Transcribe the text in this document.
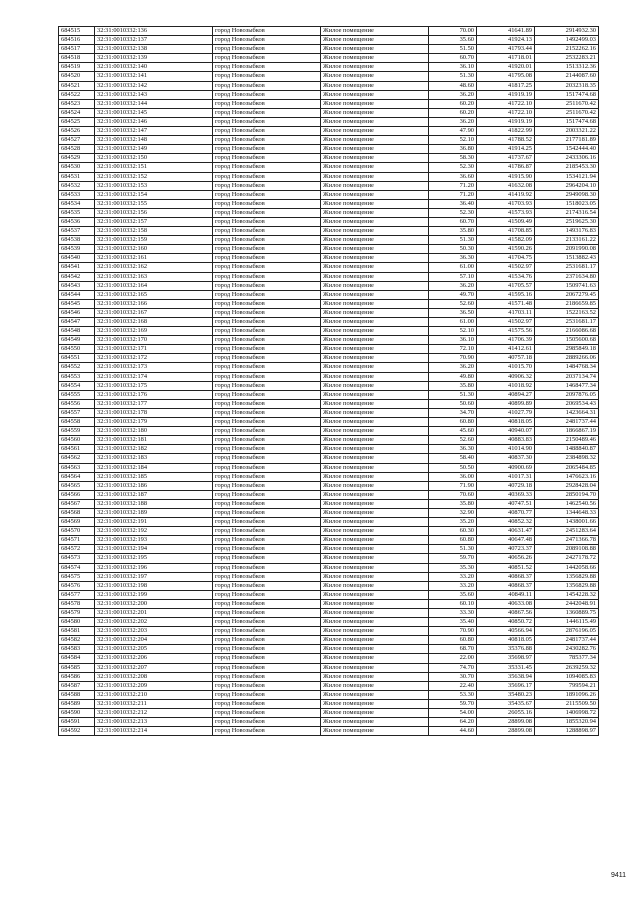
684515	32:31:0010332:136	город Новозыбков	Жилое помещение	70.00	41641.89	2914932.30
684516	32:31:0010332:137	город Новозыбков	Жилое помещение	35.60	41924.13	1492499.03
684517	32:31:0010332:138	город Новозыбков	Жилое помещение	51.50	41793.44	2152262.16
684518	32:31:0010332:139	город Новозыбков	Жилое помещение	60.70	41718.01	2532283.21
684519	32:31:0010332:140	город Новозыбков	Жилое помещение	36.10	41920.01	1513312.36
684520	32:31:0010332:141	город Новозыбков	Жилое помещение	51.30	41795.08	2144087.60
684521	32:31:0010332:142	город Новозыбков	Жилое помещение	48.60	41817.25	2032318.35
684522	32:31:0010332:143	город Новозыбков	Жилое помещение	36.20	41919.19	1517474.68
684523	32:31:0010332:144	город Новозыбков	Жилое помещение	60.20	41722.10	2511670.42
684524	32:31:0010332:145	город Новозыбков	Жилое помещение	60.20	41722.10	2511670.42
684525	32:31:0010332:146	город Новозыбков	Жилое помещение	36.20	41919.19	1517474.68
684526	32:31:0010332:147	город Новозыбков	Жилое помещение	47.90	41822.99	2003321.22
684527	32:31:0010332:148	город Новозыбков	Жилое помещение	52.10	41788.52	2177181.89
684528	32:31:0010332:149	город Новозыбков	Жилое помещение	36.80	41914.25	1542444.40
684529	32:31:0010332:150	город Новозыбков	Жилое помещение	58.30	41737.67	2433306.16
684530	32:31:0010332:151	город Новозыбков	Жилое помещение	52.30	41786.87	2185453.30
684531	32:31:0010332:152	город Новозыбков	Жилое помещение	36.60	41915.90	1534121.94
684532	32:31:0010332:153	город Новозыбков	Жилое помещение	71.20	41632.08	2964204.10
684533	32:31:0010332:154	город Новозыбков	Жилое помещение	71.20	41419.92	2949098.30
684534	32:31:0010332:155	город Новозыбков	Жилое помещение	36.40	41703.93	1518023.05
684535	32:31:0010332:156	город Новозыбков	Жилое помещение	52.30	41573.93	2174316.54
684536	32:31:0010332:157	город Новозыбков	Жилое помещение	60.70	41509.49	2519625.30
684537	32:31:0010332:158	город Новозыбков	Жилое помещение	35.80	41708.85	1493176.83
684538	32:31:0010332:159	город Новозыбков	Жилое помещение	51.30	41582.09	2133161.22
684539	32:31:0010332:160	город Новозыбков	Жилое помещение	50.30	41590.26	2091990.08
684540	32:31:0010332:161	город Новозыбков	Жилое помещение	36.30	41704.75	1513882.43
684541	32:31:0010332:162	город Новозыбков	Жилое помещение	61.00	41502.97	2531681.17
684542	32:31:0010332:163	город Новозыбков	Жилое помещение	57.10	41534.76	2371634.80
684543	32:31:0010332:164	город Новозыбков	Жилое помещение	36.20	41705.57	1509741.63
684544	32:31:0010332:165	город Новозыбков	Жилое помещение	49.70	41595.16	2067279.45
684545	32:31:0010332:166	город Новозыбков	Жилое помещение	52.60	41571.48	2186659.85
684546	32:31:0010332:167	город Новозыбков	Жилое помещение	36.50	41703.11	1522163.52
684547	32:31:0010332:168	город Новозыбков	Жилое помещение	61.00	41502.97	2531681.17
684548	32:31:0010332:169	город Новозыбков	Жилое помещение	52.10	41575.56	2166086.68
684549	32:31:0010332:170	город Новозыбков	Жилое помещение	36.10	41706.39	1505600.68
684550	32:31:0010332:171	город Новозыбков	Жилое помещение	72.10	41412.61	2985849.18
684551	32:31:0010332:172	город Новозыбков	Жилое помещение	70.90	40757.18	2889266.06
684552	32:31:0010332:173	город Новозыбков	Жилое помещение	36.20	41015.70	1484768.34
684553	32:31:0010332:174	город Новозыбков	Жилое помещение	49.80	40906.32	2037134.74
684554	32:31:0010332:175	город Новозыбков	Жилое помещение	35.80	41018.92	1468477.34
684555	32:31:0010332:176	город Новозыбков	Жилое помещение	51.30	40894.27	2097876.05
684556	32:31:0010332:177	город Новозыбков	Жилое помещение	50.60	40899.89	2069534.43
684557	32:31:0010332:178	город Новозыбков	Жилое помещение	34.70	41027.79	1423664.31
684558	32:31:0010332:179	город Новозыбков	Жилое помещение	60.80	40818.05	2481737.44
684559	32:31:0010332:180	город Новозыбков	Жилое помещение	45.60	40940.07	1866867.19
684560	32:31:0010332:181	город Новозыбков	Жилое помещение	52.60	40883.83	2150489.46
684561	32:31:0010332:182	город Новозыбков	Жилое помещение	36.30	41014.90	1488840.87
684562	32:31:0010332:183	город Новозыбков	Жилое помещение	58.40	40837.30	2384898.32
684563	32:31:0010332:184	город Новозыбков	Жилое помещение	50.50	40900.69	2065484.85
684564	32:31:0010332:185	город Новозыбков	Жилое помещение	36.00	41017.31	1476623.16
684565	32:31:0010332:186	город Новозыбков	Жилое помещение	71.90	40729.18	2928428.04
684566	32:31:0010332:187	город Новозыбков	Жилое помещение	70.60	40369.33	2850194.70
684567	32:31:0010332:188	город Новозыбков	Жилое помещение	35.80	40747.51	1462540.56
684568	32:31:0010332:189	город Новозыбков	Жилое помещение	32.90	40870.77	1344648.33
684569	32:31:0010332:191	город Новозыбков	Жилое помещение	35.20	40852.32	1438001.66
684570	32:31:0010332:192	город Новозыбков	Жилое помещение	60.30	40631.47	2451283.64
684571	32:31:0010332:193	город Новозыбков	Жилое помещение	60.80	40647.48	2471366.78
684572	32:31:0010332:194	город Новозыбков	Жилое помещение	51.30	40723.37	2089108.88
684573	32:31:0010332:195	город Новозыбков	Жилое помещение	59.70	40656.26	2427178.72
684574	32:31:0010332:196	город Новозыбков	Жилое помещение	35.30	40851.52	1442058.66
684575	32:31:0010332:197	город Новозыбков	Жилое помещение	33.20	40868.37	1356829.88
684576	32:31:0010332:198	город Новозыбков	Жилое помещение	33.20	40868.37	1356829.88
684577	32:31:0010332:199	город Новозыбков	Жилое помещение	35.60	40849.11	1454228.32
684578	32:31:0010332:200	город Новозыбков	Жилое помещение	60.10	40633.08	2442048.91
684579	32:31:0010332:201	город Новозыбков	Жилое помещение	33.30	40867.56	1360889.75
684580	32:31:0010332:202	город Новозыбков	Жилое помещение	35.40	40850.72	1446115.49
684581	32:31:0010332:203	город Новозыбков	Жилое помещение	70.90	40566.94	2876196.05
684582	32:31:0010332:204	город Новозыбков	Жилое помещение	60.80	40818.05	2481737.44
684583	32:31:0010332:205	город Новозыбков	Жилое помещение	68.70	35376.88	2430282.76
684584	32:31:0010332:206	город Новозыбков	Жилое помещение	22.00	35698.97	785377.34
684585	32:31:0010332:207	город Новозыбков	Жилое помещение	74.70	35331.45	2639259.32
684586	32:31:0010332:208	город Новозыбков	Жилое помещение	30.70	35638.94	1094085.83
684587	32:31:0010332:209	город Новозыбков	Жилое помещение	22.40	35696.17	799594.21
684588	32:31:0010332:210	город Новозыбков	Жилое помещение	53.30	35480.23	1891096.26
684589	32:31:0010332:211	город Новозыбков	Жилое помещение	59.70	35435.67	2115509.50
684590	32:31:0010332:212	город Новозыбков	Жилое помещение	54.00	26055.16	1406998.72
684591	32:31:0010332:213	город Новозыбков	Жилое помещение	64.20	28899.08	1855320.94
684592	32:31:0010332:214	город Новозыбков	Жилое помещение	44.60	28899.08	1288898.97
9411
